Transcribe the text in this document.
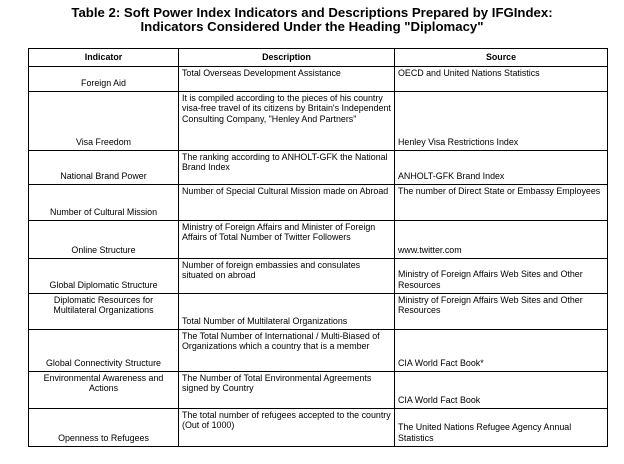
Table 2: Soft Power Index Indicators and Descriptions Prepared by IFGIndex:
Indicators Considered Under the Heading "Diplomacy"
Indicator	Description	Source
Foreign Aid	Total Overseas Development Assistance	OECD and United Nations Statistics
Visa Freedom	It is compiled according to the pieces of his country visa-free travel of its citizens by Britain's Independent Consulting Company, "Henley And Partners"	Henley Visa Restrictions Index
National Brand Power	The ranking according to ANHOLT-GFK the National Brand Index	ANHOLT-GFK Brand Index
Number of Cultural Mission	Number of Special Cultural Mission made on Abroad	The number of Direct State or Embassy Employees
Online Structure	Ministry of Foreign Affairs and Minister of Foreign Affairs of Total Number of Twitter Followers	www.twitter.com
Global Diplomatic Structure	Number of foreign embassies and consulates situated on abroad	Ministry of Foreign Affairs Web Sites and Other Resources
Diplomatic Resources for Multilateral Organizations	Total Number of Multilateral Organizations	Ministry of Foreign Affairs Web Sites and Other Resources
Global Connectivity Structure	The Total Number of International / Multi-Biased of Organizations which a country that is a member	CIA World Fact Book*
Environmental Awareness and Actions	The Number of Total Environmental Agreements signed by Country	CIA World Fact Book
Openness to Refugees	The total number of refugees accepted to the country (Out of 1000)	The United Nations Refugee Agency Annual Statistics
